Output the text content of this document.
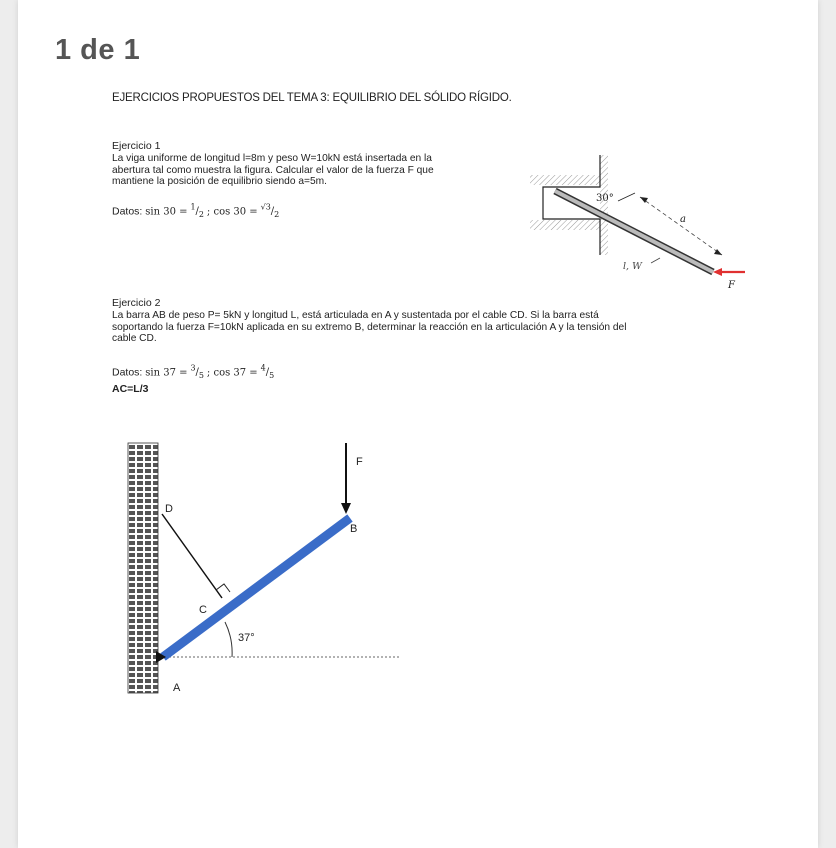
1 de 1
EJERCICIOS PROPUESTOS DEL TEMA 3: EQUILIBRIO DEL SÓLIDO RÍGIDO.
Ejercicio 1
La viga uniforme de longitud l=8m y peso W=10kN está insertada en la
abertura tal como muestra la figura. Calcular el valor de la fuerza F que
mantiene la posición de equilibrio siendo a=5m.
Datos: $\sin 30 = ^1/_2$ ; $\cos 30 = ^{√3}/_2$
30°
a
l, W
F
Ejercicio 2
La barra AB de peso P= 5kN y longitud L, está articulada en A y sustentada por el cable CD. Si la barra está
soportando la fuerza F=10kN aplicada en su extremo B, determinar la reacción en la articulación A y la tensión del
cable CD.
Datos: $\sin 37 = ^3/_5$ ; $\cos 37 = ^4/_5$
AC=L/3
37°
F
B
D
C
A
